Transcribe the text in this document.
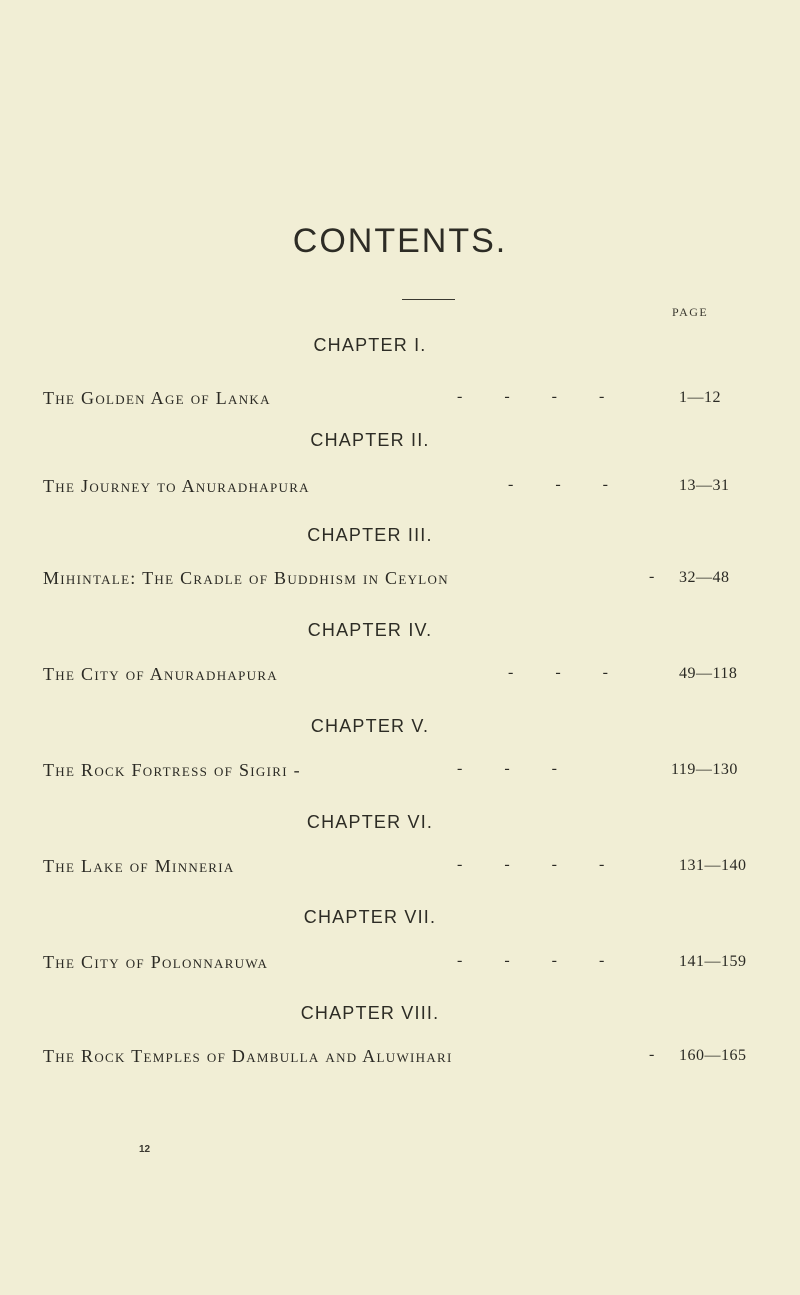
CONTENTS.
PAGE
CHAPTER I.
The Golden Age of Lanka	- - - -	1—12
CHAPTER II.
The Journey to Anuradhapura	- - -	13—31
CHAPTER III.
Mihintale: The Cradle of Buddhism in Ceylon	- 32—48
CHAPTER IV.
The City of Anuradhapura	- - -	49—118
CHAPTER V.
The Rock Fortress of Sigiri -	- - -	119—130
CHAPTER VI.
The Lake of Minneria	- - - -	131—140
CHAPTER VII.
The City of Polonnaruwa	- - - -	141—159
CHAPTER VIII.
The Rock Temples of Dambulla and Aluwihari	- 160—165
12
